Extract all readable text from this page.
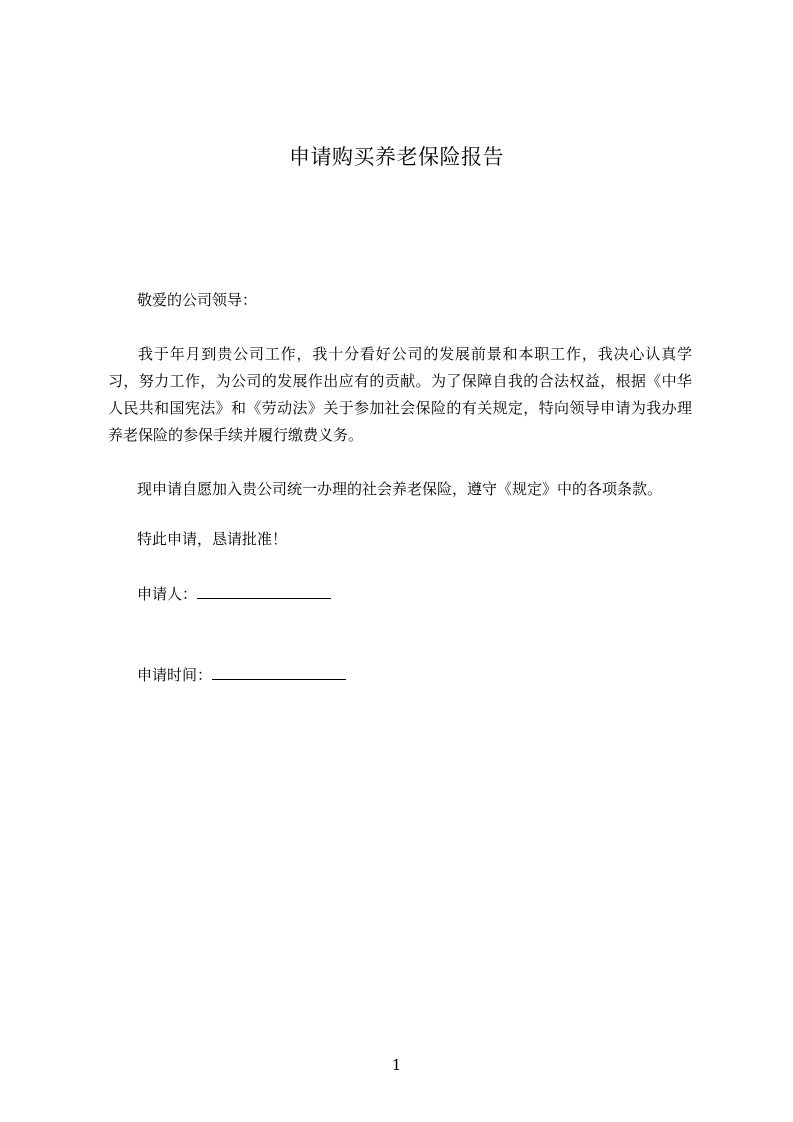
申请购买养老保险报告
敬爱的公司领导：
我于年月到贵公司工作，我十分看好公司的发展前景和本职工作，我决心认真学习，努力工作，为公司的发展作出应有的贡献。为了保障自我的合法权益，根据《中华人民共和国宪法》和《劳动法》关于参加社会保险的有关规定，特向领导申请为我办理养老保险的参保手续并履行缴费义务。
现申请自愿加入贵公司统一办理的社会养老保险，遵守《规定》中的各项条款。
特此申请，恳请批准！
申请人：
申请时间：
1
